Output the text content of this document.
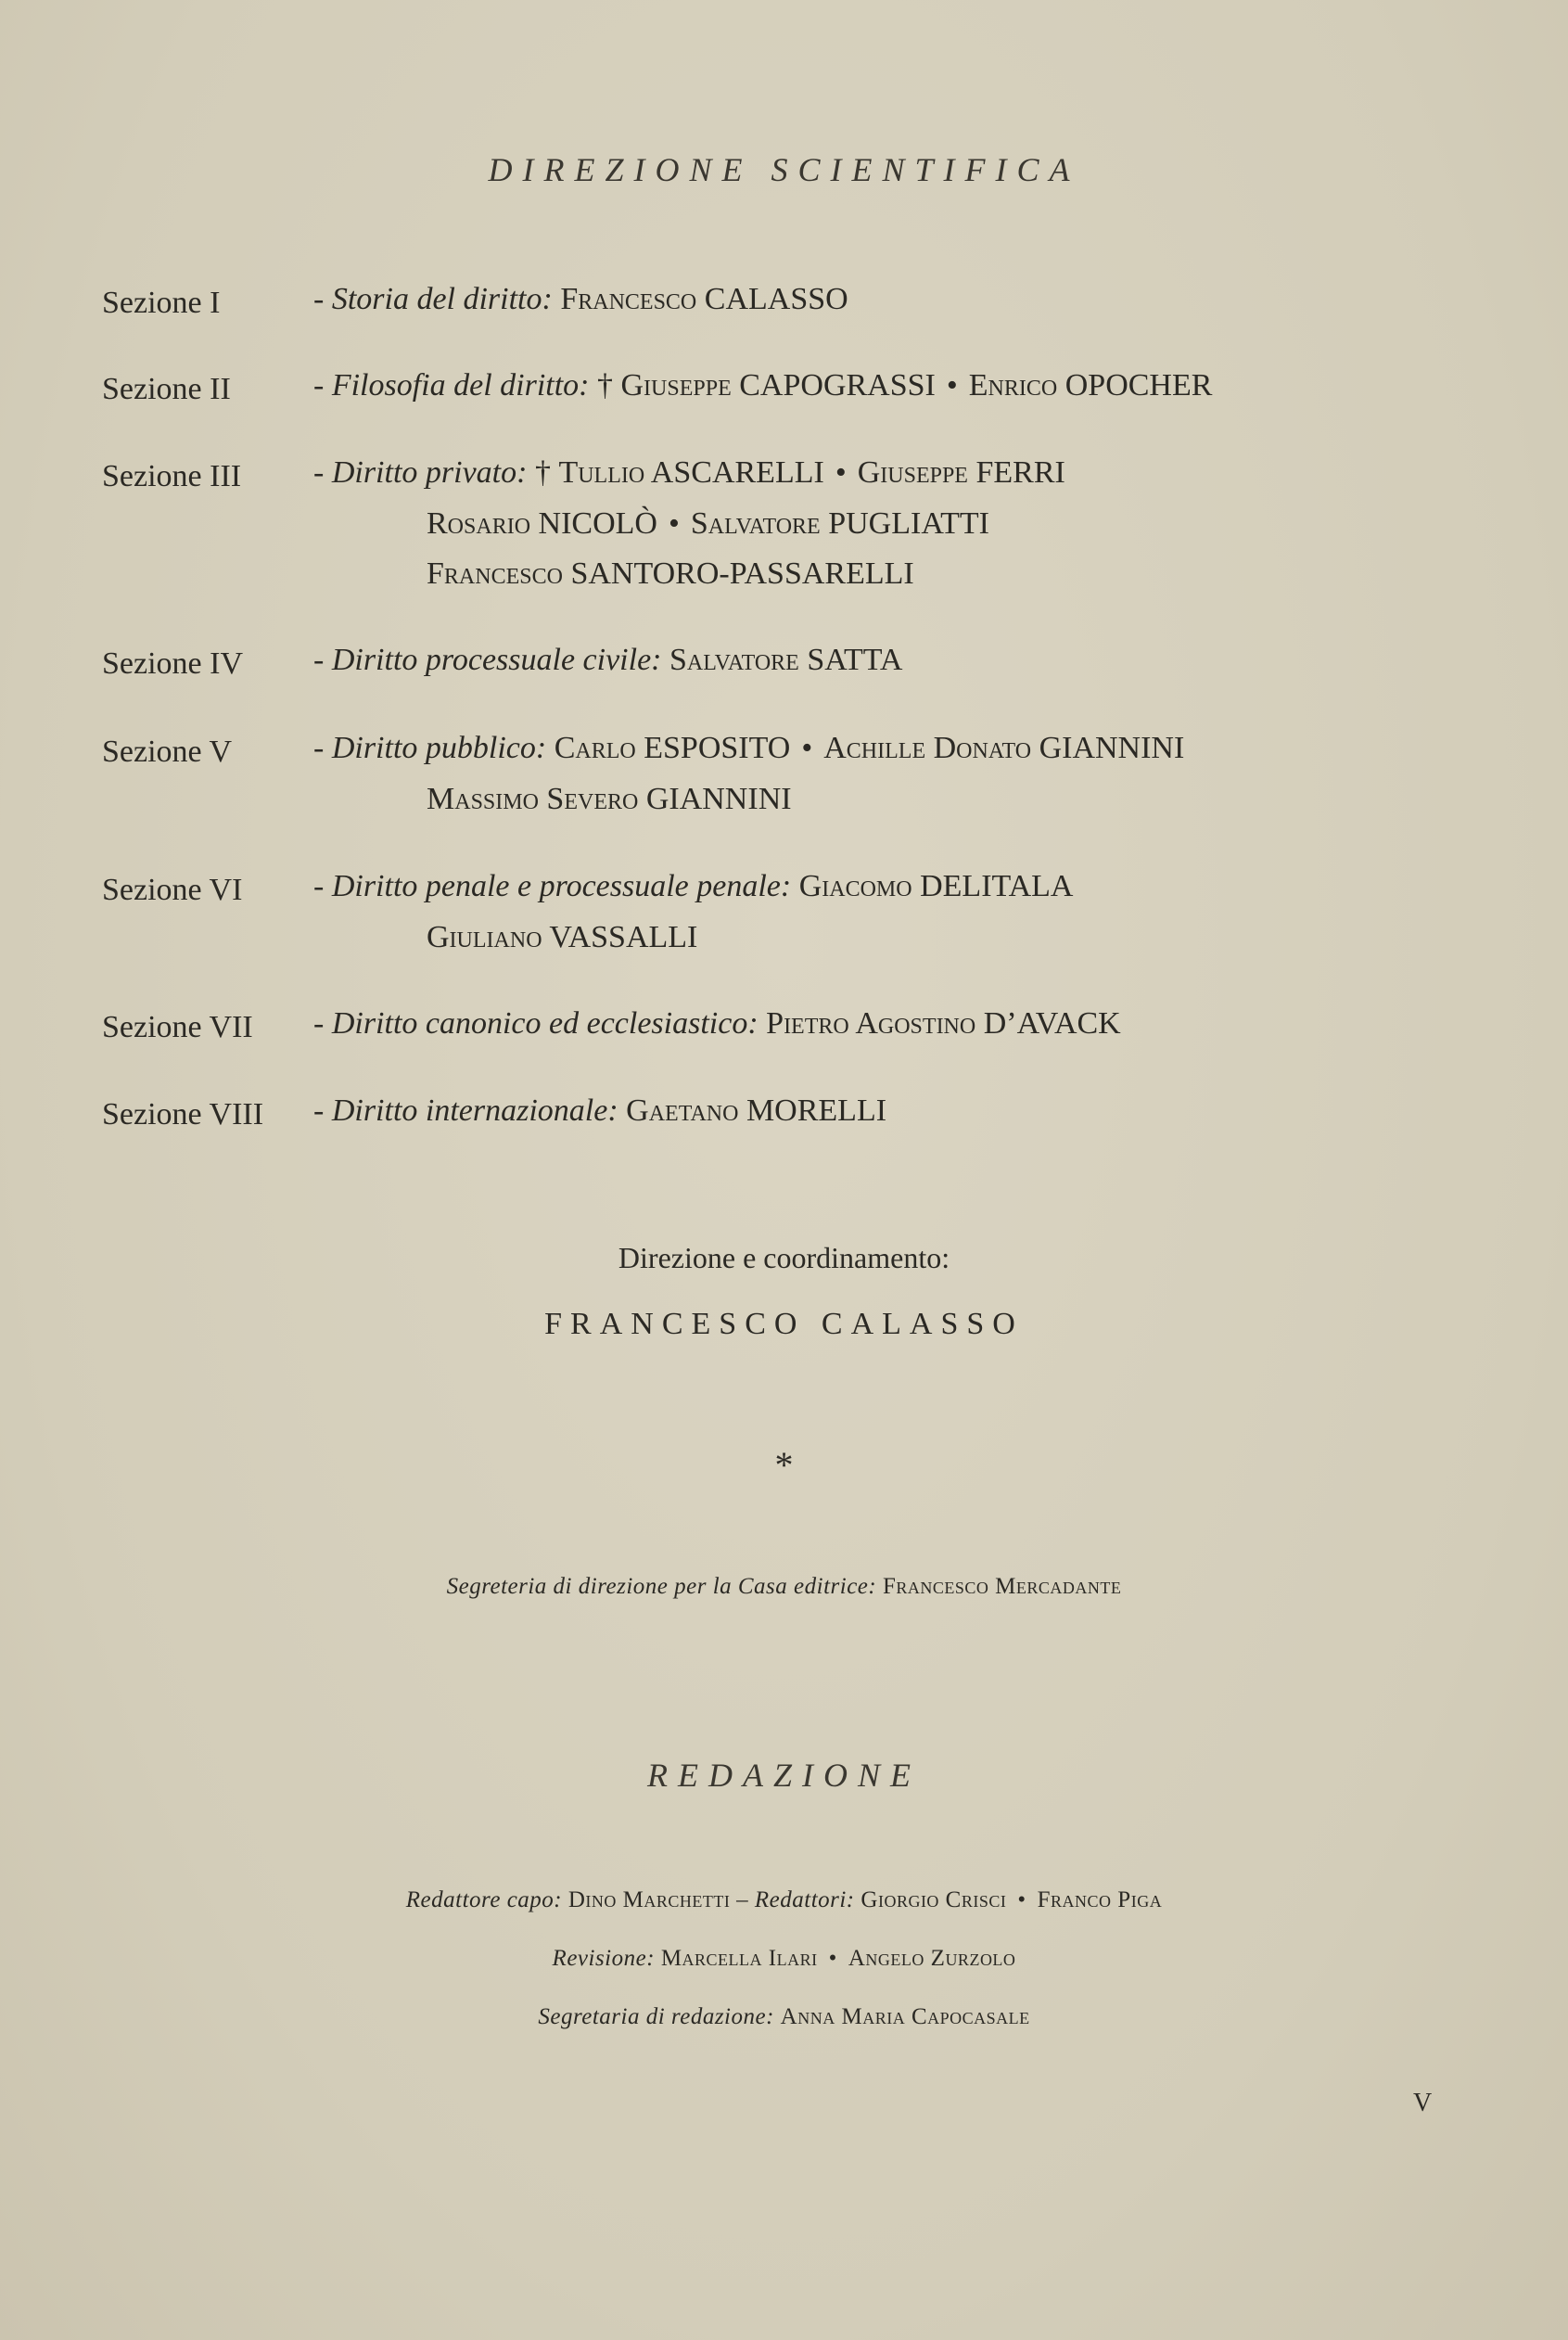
DIREZIONE SCIENTIFICA
Sezione I	- Storia del diritto: Francesco CALASSO
Sezione II	- Filosofia del diritto: † Giuseppe CAPOGRASSI • Enrico OPOCHER
Sezione III - Diritto privato: † Tullio ASCARELLI • Giuseppe FERRI
Rosario NICOLÒ • Salvatore PUGLIATTI
Francesco SANTORO-PASSARELLI
Sezione IV - Diritto processuale civile: Salvatore SATTA
Sezione V	- Diritto pubblico: Carlo ESPOSITO • Achille Donato GIANNINI
Massimo Severo GIANNINI
Sezione VI - Diritto penale e processuale penale: Giacomo DELITALA
Giuliano VASSALLI
Sezione VII - Diritto canonico ed ecclesiastico: Pietro Agostino D’AVACK
Sezione VIII - Diritto internazionale: Gaetano MORELLI
Direzione e coordinamento:
FRANCESCO CALASSO
*
Segreteria di direzione per la Casa editrice: Francesco Mercadante
REDAZIONE
Redattore capo: Dino Marchetti – Redattori: Giorgio Crisci • Franco Piga
Revisione: Marcella Ilari • Angelo Zurzolo
Segretaria di redazione: Anna Maria Capocasale
V
